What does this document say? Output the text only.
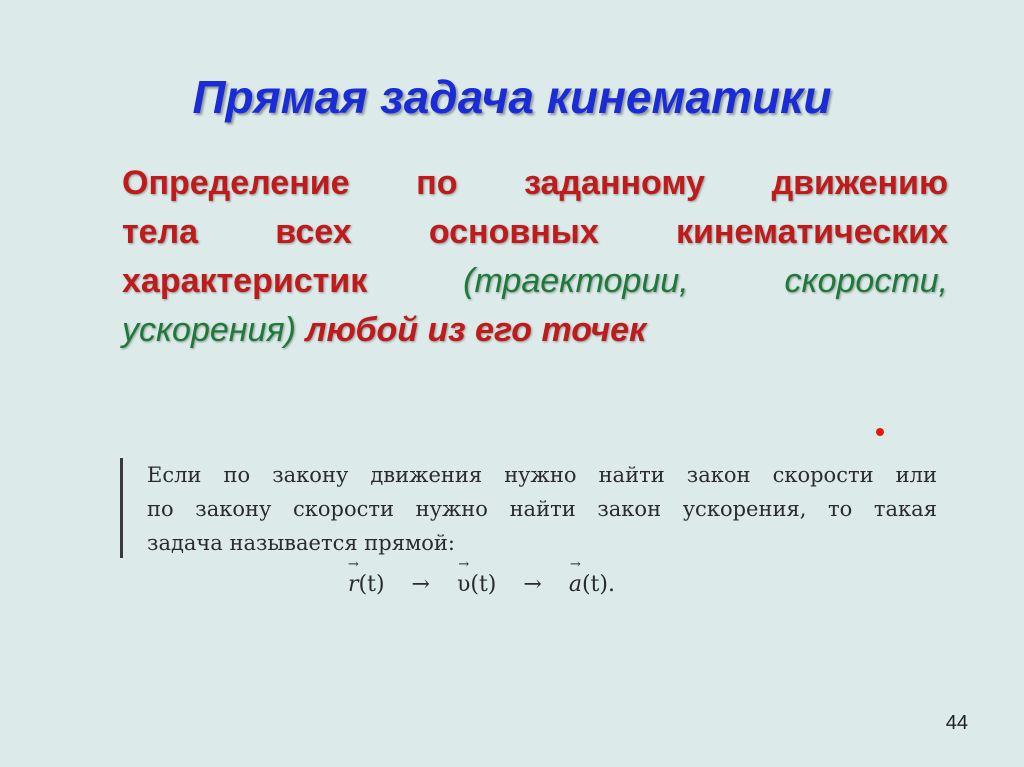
Прямая задача кинематики
Определение по заданному движению
тела всех основных кинематических
характеристик	(траектории,	скорости,
ускорения) любой из его точек
Если по закону движения нужно найти закон скорости или
по закону скорости нужно найти закон ускорения, то такая
задача называется прямой:
→ r(t) → → υ(t) → → a(t).
44
